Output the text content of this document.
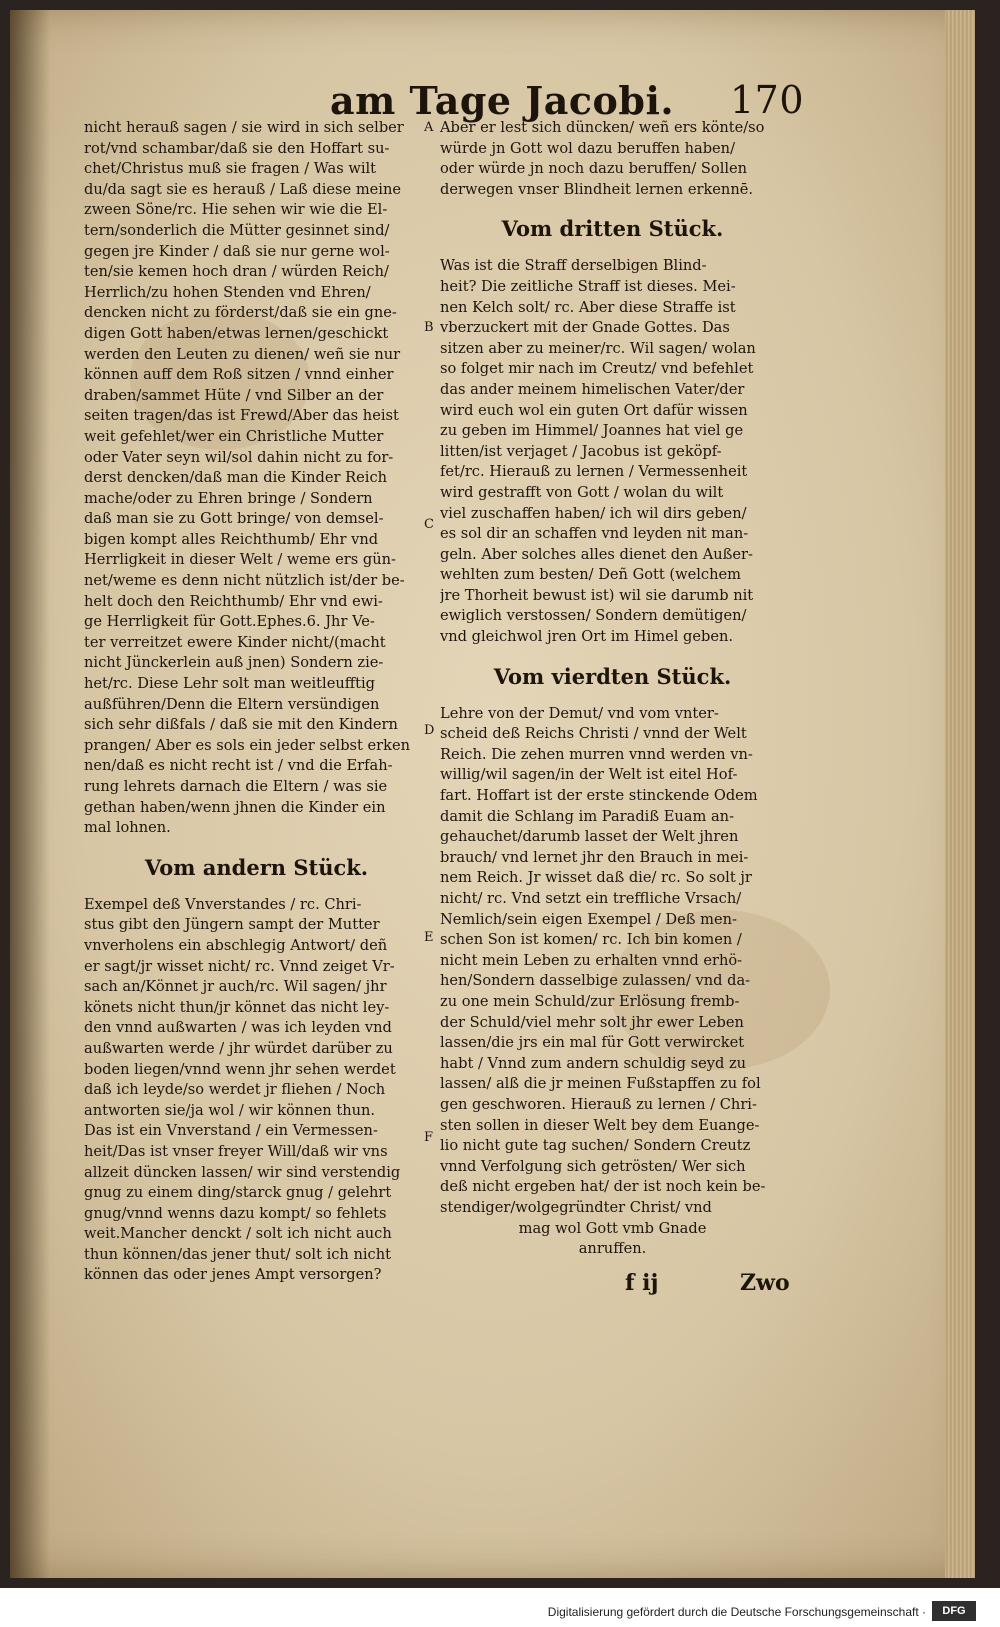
am Tage Jacobi. 170
nicht herauß sagen / sie wird in sich selber
rot/vnd schambar/daß sie den Hoffart su-
chet/Christus muß sie fragen / Was wilt
du/da sagt sie es herauß / Laß diese meine
zween Söne/rc. Hie sehen wir wie die El-
tern/sonderlich die Mütter gesinnet sind/
gegen jre Kinder / daß sie nur gerne wol-
ten/sie kemen hoch dran / würden Reich/
Herrlich/zu hohen Stenden vnd Ehren/
dencken nicht zu förderst/daß sie ein gne-
digen Gott haben/etwas lernen/geschickt
werden den Leuten zu dienen/ weñ sie nur
können auff dem Roß sitzen / vnnd einher
draben/sammet Hüte / vnd Silber an der
seiten tragen/das ist Frewd/Aber das heist
weit gefehlet/wer ein Christliche Mutter
oder Vater seyn wil/sol dahin nicht zu for-
derst dencken/daß man die Kinder Reich
mache/oder zu Ehren bringe / Sondern
daß man sie zu Gott bringe/ von demsel-
bigen kompt alles Reichthumb/ Ehr vnd
Herrligkeit in dieser Welt / weme ers gün-
net/weme es denn nicht nützlich ist/der be-
helt doch den Reichthumb/ Ehr vnd ewi-
ge Herrligkeit für Gott.Ephes.6. Jhr Ve-
ter verreitzet ewere Kinder nicht/(macht
nicht Jünckerlein auß jnen) Sondern zie-
het/rc. Diese Lehr solt man weitleufftig
außführen/Denn die Eltern versündigen
sich sehr dißfals / daß sie mit den Kindern
prangen/ Aber es sols ein jeder selbst erken
nen/daß es nicht recht ist / vnd die Erfah-
rung lehrets darnach die Eltern / was sie
gethan haben/wenn jhnen die Kinder ein
mal lohnen.
Vom andern Stück.
Exempel deß Vnverstandes / rc. Chri-
stus gibt den Jüngern sampt der Mutter
vnverholens ein abschlegig Antwort/ deñ
er sagt/jr wisset nicht/ rc. Vnnd zeiget Vr-
sach an/Könnet jr auch/rc. Wil sagen/ jhr
könets nicht thun/jr könnet das nicht ley-
den vnnd außwarten / was ich leyden vnd
außwarten werde / jhr würdet darüber zu
boden liegen/vnnd wenn jhr sehen werdet
daß ich leyde/so werdet jr fliehen / Noch
antworten sie/ja wol / wir können thun.
Das ist ein Vnverstand / ein Vermessen-
heit/Das ist vnser freyer Will/daß wir vns
allzeit düncken lassen/ wir sind verstendig
gnug zu einem ding/starck gnug / gelehrt
gnug/vnnd wenns dazu kompt/ so fehlets
weit.Mancher denckt / solt ich nicht auch
thun können/das jener thut/ solt ich nicht
können das oder jenes Ampt versorgen?
Aber er lest sich düncken/ weñ ers könte/so
würde jn Gott wol dazu beruffen haben/
oder würde jn noch dazu beruffen/ Sollen
derwegen vnser Blindheit lernen erkennē.
Vom dritten Stück.
Was ist die Straff derselbigen Blind-
heit? Die zeitliche Straff ist dieses. Mei-
nen Kelch solt/ rc. Aber diese Straffe ist
vberzuckert mit der Gnade Gottes. Das
sitzen aber zu meiner/rc. Wil sagen/ wolan
so folget mir nach im Creutz/ vnd befehlet
das ander meinem himelischen Vater/der
wird euch wol ein guten Ort dafür wissen
zu geben im Himmel/ Joannes hat viel ge
litten/ist verjaget / Jacobus ist geköpf-
fet/rc. Hierauß zu lernen / Vermessenheit
wird gestrafft von Gott / wolan du wilt
viel zuschaffen haben/ ich wil dirs geben/
es sol dir an schaffen vnd leyden nit man-
geln. Aber solches alles dienet den Außer-
wehlten zum besten/ Deñ Gott (welchem
jre Thorheit bewust ist) wil sie darumb nit
ewiglich verstossen/ Sondern demütigen/
vnd gleichwol jren Ort im Himel geben.
Vom vierdten Stück.
Lehre von der Demut/ vnd vom vnter-
scheid deß Reichs Christi / vnnd der Welt
Reich. Die zehen murren vnnd werden vn-
willig/wil sagen/in der Welt ist eitel Hof-
fart. Hoffart ist der erste stinckende Odem
damit die Schlang im Paradiß Euam an-
gehauchet/darumb lasset der Welt jhren
brauch/ vnd lernet jhr den Brauch in mei-
nem Reich. Jr wisset daß die/ rc. So solt jr
nicht/ rc. Vnd setzt ein treffliche Vrsach/
Nemlich/sein eigen Exempel / Deß men-
schen Son ist komen/ rc. Ich bin komen /
nicht mein Leben zu erhalten vnnd erhö-
hen/Sondern dasselbige zulassen/ vnd da-
zu one mein Schuld/zur Erlösung fremb-
der Schuld/viel mehr solt jhr ewer Leben
lassen/die jrs ein mal für Gott verwircket
habt / Vnnd zum andern schuldig seyd zu
lassen/ alß die jr meinen Fußstapffen zu fol
gen geschworen. Hierauß zu lernen / Chri-
sten sollen in dieser Welt bey dem Euange-
lio nicht gute tag suchen/ Sondern Creutz
vnnd Verfolgung sich getrösten/ Wer sich
deß nicht ergeben hat/ der ist noch kein be-
stendiger/wolgegründter Christ/ vnd
mag wol Gott vmb Gnade
anruffen.
A
B
C
D
E
F
f ij	Zwo
Digitalisierung gefördert durch die Deutsche Forschungsgemeinschaft ·	DFG
